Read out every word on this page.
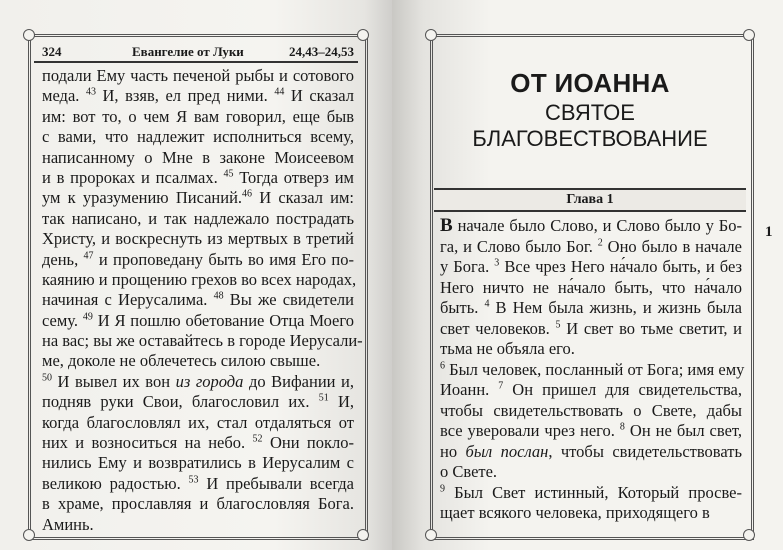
324	Евангелие от Луки	24,43–24,53
подали Ему часть печеной рыбы и сотового
меда. $^{43}$ И, взяв, ел пред ними. $^{44}$ И сказал
им: вот то, о чем Я вам говорил, еще быв
с вами, что надлежит исполниться всему,
написанному о Мне в законе Моисеевом
и в пророках и псалмах. $^{45}$ Тогда отверз им
ум к уразумению Писаний.$^{46}$ И сказал им:
так написано, и так надлежало пострадать
Христу, и воскреснуть из мертвых в третий
день, $^{47}$ и проповедану быть во имя Его по-
каянию и прощению грехов во всех народах,
начиная с Иерусалима. $^{48}$ Вы же свидетели
сему. $^{49}$ И Я пошлю обетование Отца Моего
на вас; вы же оставайтесь в городе Иерусали-
ме, доколе не облечетесь силою свыше.
$^{50}$ И вывел их вон из города до Вифании и,
подняв руки Свои, благословил их. $^{51}$ И,
когда благословлял их, стал отдаляться от
них и возноситься на небо. $^{52}$ Они покло-
нились Ему и возвратились в Иерусалим с
великою радостью. $^{53}$ И пребывали всегда
в храме, прославляя и благословляя Бога.
Аминь.
ОТ ИОАННА
СВЯТОЕ
БЛАГОВЕСТВОВАНИЕ
Глава 1
1
В начале было Слово, и Слово было у Бо-
га, и Слово было Бог. $^2$ Оно было в начале
у Бога. $^3$ Все чрез Него на́чало быть, и без
Него ничто не на́чало быть, что на́чало
быть. $^4$ В Нем была жизнь, и жизнь была
свет человеков. $^5$ И свет во тьме светит, и
тьма не объяла его.
$^6$ Был человек, посланный от Бога; имя ему
Иоанн. $^7$ Он пришел для свидетельства,
чтобы свидетельствовать о Свете, дабы
все уверовали чрез него. $^8$ Он не был свет,
но был послан, чтобы свидетельствовать
о Свете.
$^9$ Был Свет истинный, Который просве-
щает всякого человека, приходящего в
